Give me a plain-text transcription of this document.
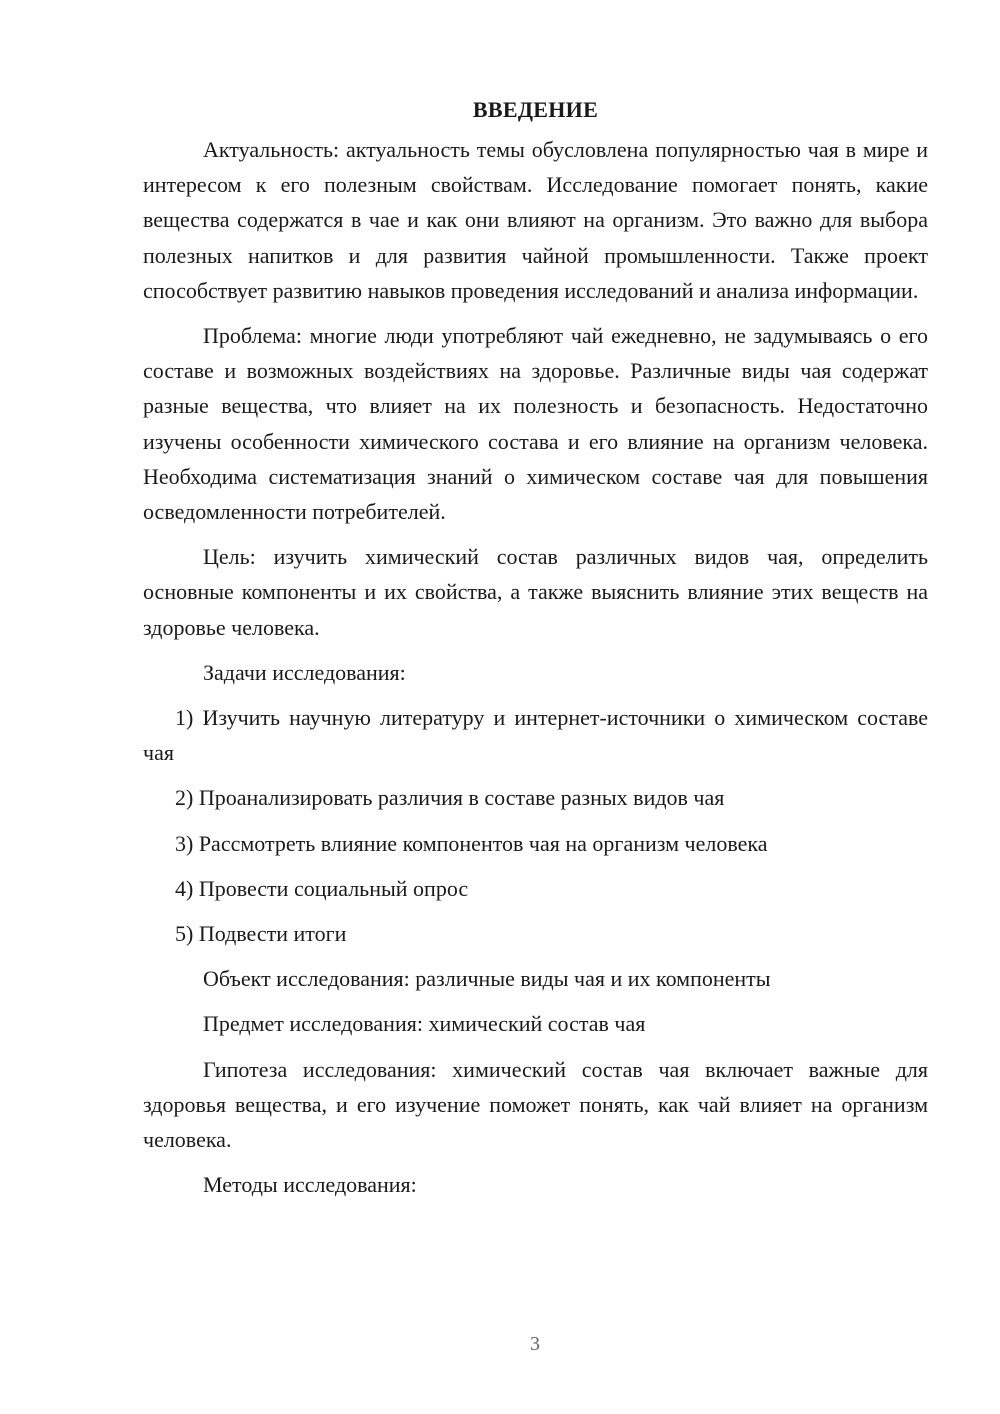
ВВЕДЕНИЕ

Актуальность: актуальность темы обусловлена популярностью чая в мире и интересом к его полезным свойствам. Исследование помогает понять, какие вещества содержатся в чае и как они влияют на организм. Это важно для выбора полезных напитков и для развития чайной промышленности. Также проект способствует развитию навыков проведения исследований и анализа информации.

Проблема: многие люди употребляют чай ежедневно, не задумываясь о его составе и возможных воздействиях на здоровье. Различные виды чая содержат разные вещества, что влияет на их полезность и безопасность. Недостаточно изучены особенности химического состава и его влияние на организм человека. Необходима систематизация знаний о химическом составе чая для повышения осведомленности потребителей.

Цель: изучить химический состав различных видов чая, определить основные компоненты и их свойства, а также выяснить влияние этих веществ на здоровье человека.

Задачи исследования:

1) Изучить научную литературу и интернет-источники о химическом составе чая

2) Проанализировать различия в составе разных видов чая

3) Рассмотреть влияние компонентов чая на организм человека

4) Провести социальный опрос

5) Подвести итоги

Объект исследования: различные виды чая и их компоненты

Предмет исследования: химический состав чая

Гипотеза исследования: химический состав чая включает важные для здоровья вещества, и его изучение поможет понять, как чай влияет на организм человека.

Методы исследования:

3
